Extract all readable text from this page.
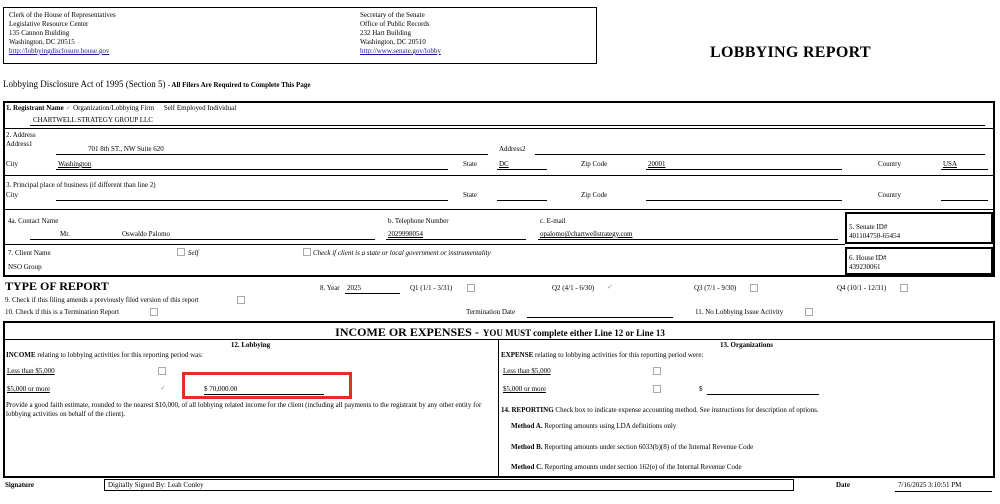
Clerk of the House of Representatives
Legislative Resource Center
135 Cannon Building
Washington, DC 20515
http://lobbyingdisclosure.house.gov
Secretary of the Senate
Office of Public Records
232 Hart Building
Washington, DC 20510
http://www.senate.gov/lobby	LOBBYING REPORT
Lobbying Disclosure Act of 1995 (Section 5) - All Filers Are Required to Complete This Page
1. Registrant Name ✓ Organization/Lobbying Firm Self Employed Individual
CHARTWELL STRATEGY GROUP LLC
2. Address
Address1
701 8th ST., NW Suite 620	Address2
City	Washington	State	DC	Zip Code	20001	Country	USA
3. Principal place of business (if different than line 2)
City	State	Zip Code	Country
4a. Contact Name
Mr.	Oswaldo Palomo
b. Telephone Number
2029998054
c. E-mail
opalomo@chartwellstrategy.com
5. Senate ID#
401104750-65454
7. Client Name	Self	Check if client is a state or local government or instrumentality
NSO Group
6. House ID#
439230061
TYPE OF REPORT	8. Year 2025	Q1 (1/1 - 3/31)	Q2 (4/1 - 6/30) ✓	Q3 (7/1 - 9/30)	Q4 (10/1 - 12/31)
9. Check if this filing amends a previously filed version of this report
10. Check if this is a Termination Report	Termination Date	11. No Lobbying Issue Activity
INCOME OR EXPENSES - YOU MUST complete either Line 12 or Line 13
12. Lobbying
INCOME relating to lobbying activities for this reporting period was:
Less than $5,000
$5,000 or more	✓	$ 70,000.00
Provide a good faith estimate, rounded to the nearest $10,000, of all lobbying related income for the client (including all payments to the registrant by any other entity for lobbying activities on behalf of the client).
13. Organizations
EXPENSE relating to lobbying activities for this reporting period were:
Less than $5,000
$5,000 or more	$
14. REPORTING Check box to indicate expense accounting method. See instructions for description of options.
Method A. Reporting amounts using LDA definitions only
Method B. Reporting amounts under section 6033(b)(8) of the Internal Revenue Code
Method C. Reporting amounts under section 162(e) of the Internal Revenue Code
Signature	Digitally Signed By: Leah Conley	Date	7/16/2025 3:10:51 PM
